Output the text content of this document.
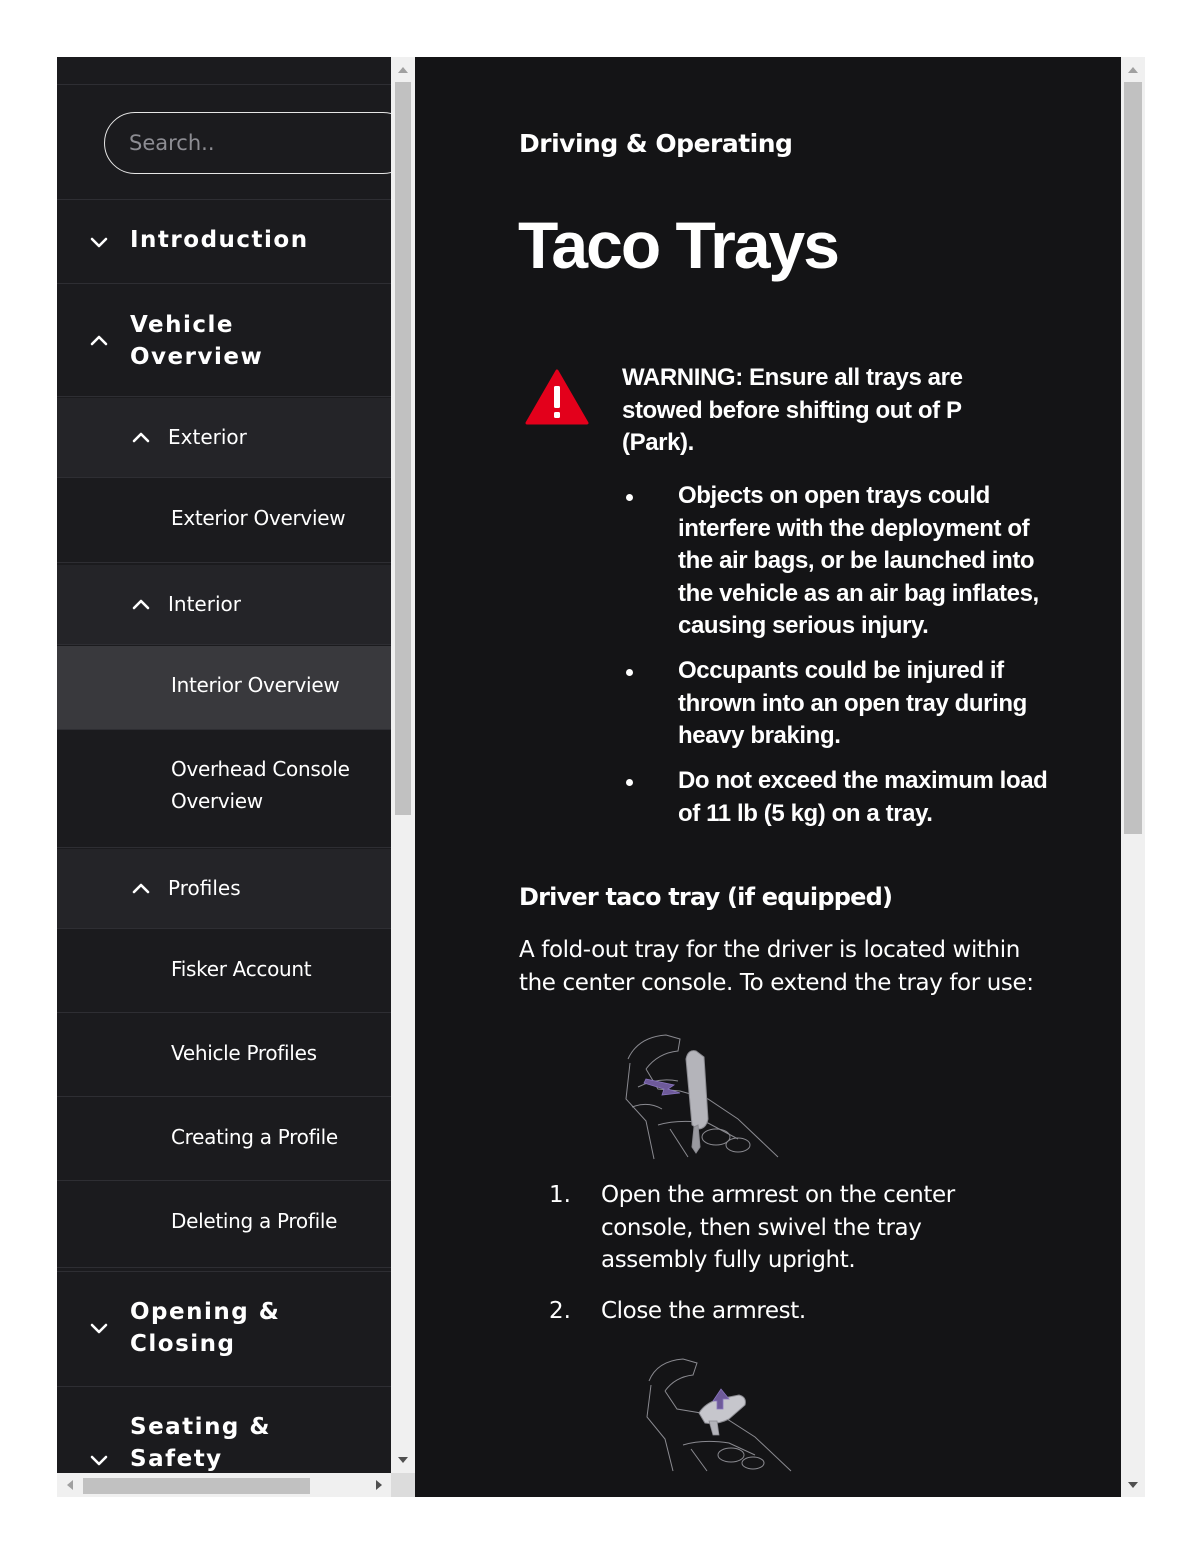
Search..
Introduction
Vehicle
Overview
Exterior
Exterior Overview
Interior
Interior Overview
Overhead Console Overview
Profiles
Fisker Account
Vehicle Profiles
Creating a Profile
Deleting a Profile
Opening &
Closing
Seating &
Safety
Driving & Operating
Taco Trays
WARNING: Ensure all trays are stowed before shifting out of P (Park).
Objects on open trays could interfere with the deployment of the air bags, or be launched into the vehicle as an air bag inflates, causing serious injury.
Occupants could be injured if thrown into an open tray during heavy braking.
Do not exceed the maximum load of 11 lb (5 kg) on a tray.
Driver taco tray (if equipped)

A fold-out tray for the driver is located within the center console. To extend the tray for use:

1. Open the armrest on the center console, then swivel the tray assembly fully upright.
2. Close the armrest.
